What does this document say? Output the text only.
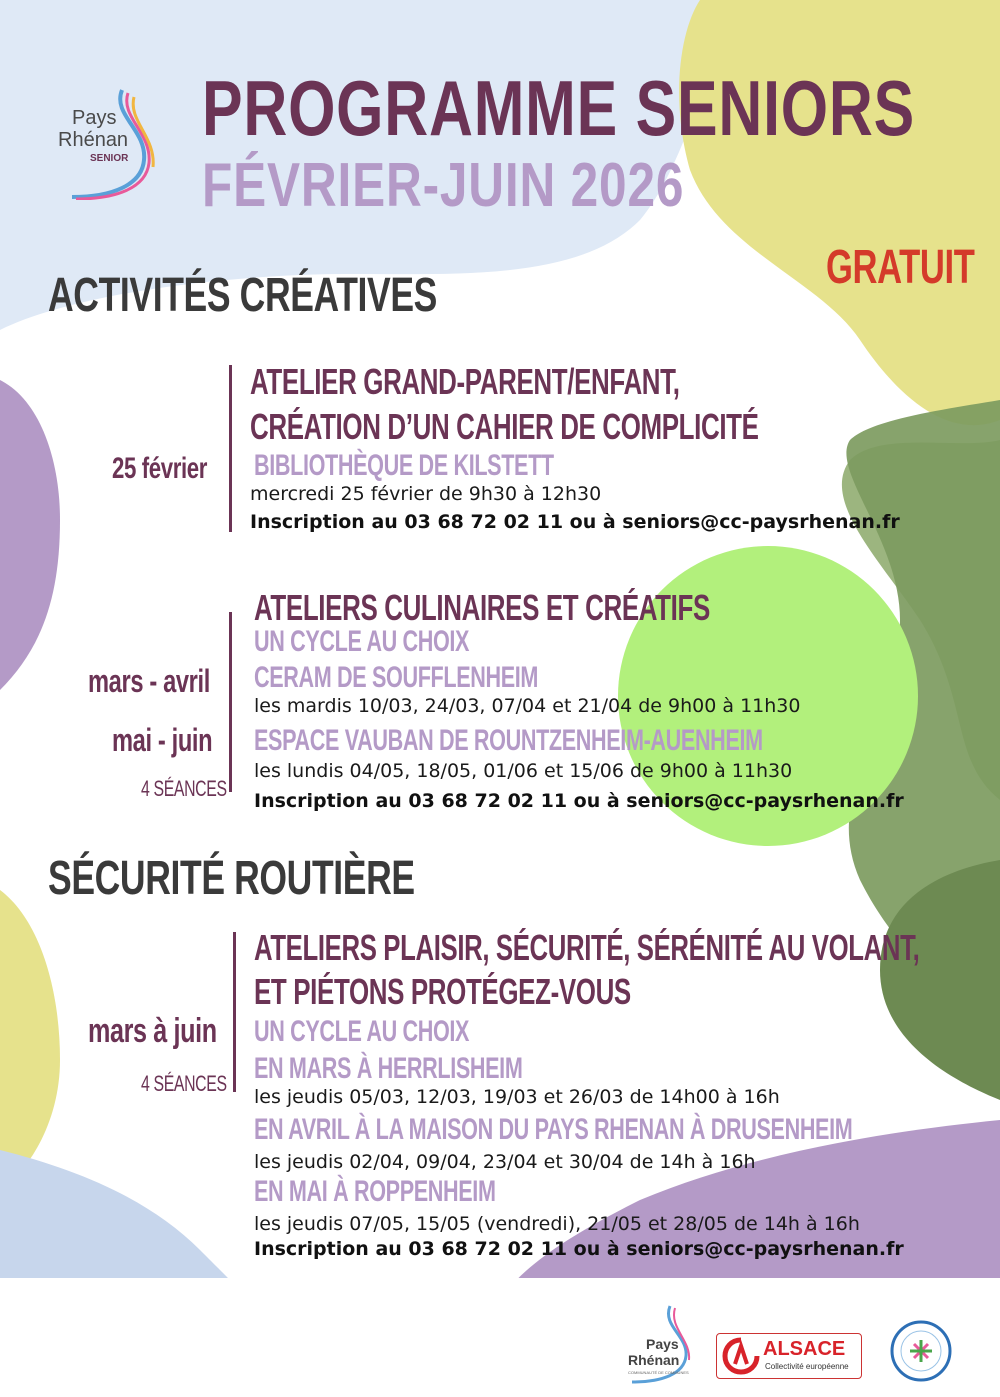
Pays
Rhénan
SENIOR
PROGRAMME SENIORS
FÉVRIER-JUIN 2026
GRATUIT
ACTIVITÉS CRÉATIVES
25 février
ATELIER GRAND-PARENT/ENFANT,
CRÉATION D’UN CAHIER DE COMPLICITÉ
BIBLIOTHÈQUE DE KILSTETT
mercredi 25 février de 9h30 à 12h30
Inscription au 03 68 72 02 11 ou à seniors@cc-paysrhenan.fr
mars - avril
mai - juin
4 SÉANCES
ATELIERS CULINAIRES ET CRÉATIFS
UN CYCLE AU CHOIX
CERAM DE SOUFFLENHEIM
les mardis 10/03, 24/03, 07/04 et 21/04 de 9h00 à 11h30
ESPACE VAUBAN DE ROUNTZENHEIM-AUENHEIM
les lundis 04/05, 18/05, 01/06 et 15/06 de 9h00 à 11h30
Inscription au 03 68 72 02 11 ou à seniors@cc-paysrhenan.fr
SÉCURITÉ ROUTIÈRE
mars à juin
4 SÉANCES
ATELIERS PLAISIR, SÉCURITÉ, SÉRÉNITÉ AU VOLANT,
ET PIÉTONS PROTÉGEZ-VOUS
UN CYCLE AU CHOIX
EN MARS À HERRLISHEIM
les jeudis 05/03, 12/03, 19/03 et 26/03 de 14h00 à 16h
EN AVRIL À LA MAISON DU PAYS RHENAN À DRUSENHEIM
les jeudis 02/04, 09/04, 23/04 et 30/04 de 14h à 16h
EN MAI À ROPPENHEIM
les jeudis 07/05, 15/05 (vendredi), 21/05 et 28/05 de 14h à 16h
Inscription au 03 68 72 02 11 ou à seniors@cc-paysrhenan.fr
Pays
Rhénan
COMMUNAUTÉ DE COMMUNES
ALSACE
Collectivité européenne
